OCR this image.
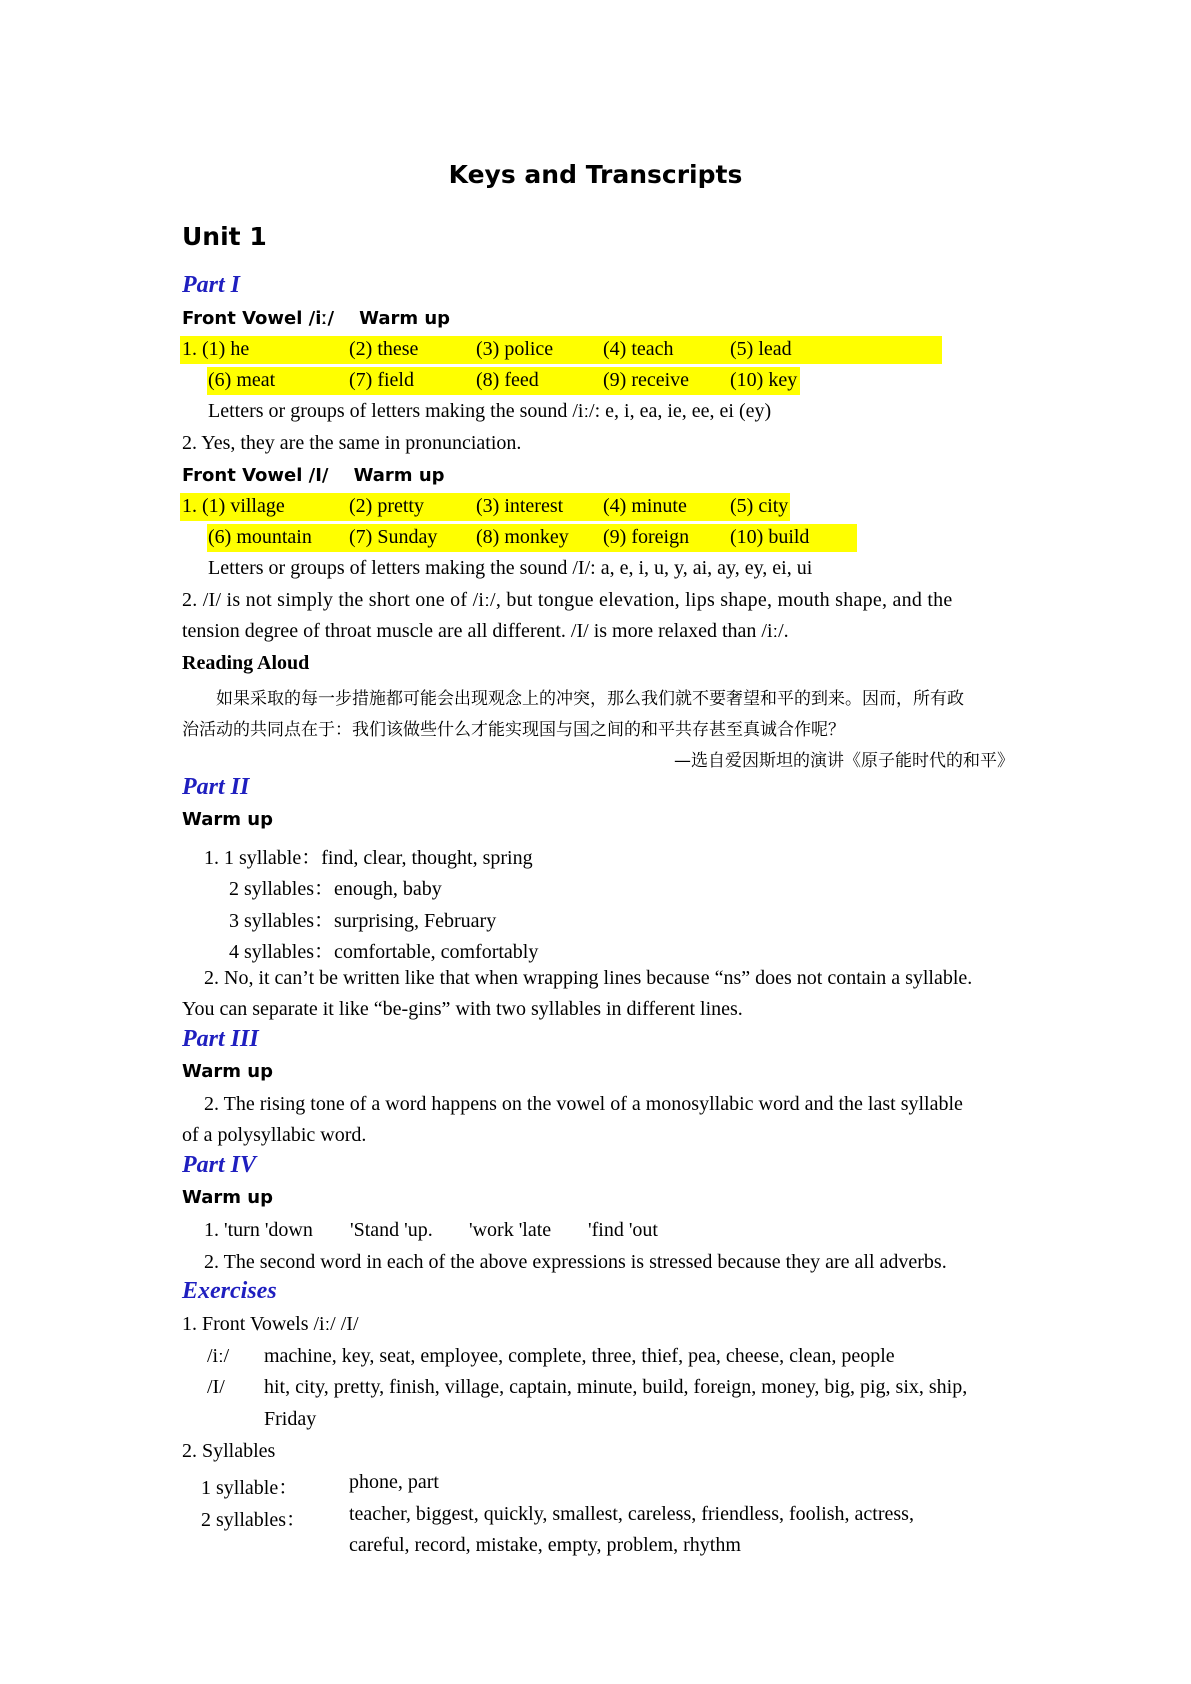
Keys and Transcripts
Unit 1
Part I
Front Vowel /iː/    Warm up
1. (1) he	(2) these	(3) police (4) teach	(5) lead
(6) meat	(7) field	(8) feed	(9) receive (10) key
Letters or groups of letters making the sound /iː/: e, i, ea, ie, ee, ei (ey)
2. Yes, they are the same in pronunciation.
Front Vowel /I/    Warm up
1. (1) village	(2) pretty	(3) interest (4) minute (5) city
(6) mountain (7) Sunday (8) monkey (9) foreign (10) build
Letters or groups of letters making the sound /I/: a, e, i, u, y, ai, ay, ey, ei, ui
2. /I/ is not simply the short one of /iː/, but tongue elevation, lips shape, mouth shape, and the
tension degree of throat muscle are all different. /I/ is more relaxed than /iː/.
Reading Aloud
如果采取的每一步措施都可能会出现观念上的冲突，那么我们就不要奢望和平的到来。因而，所有政
治活动的共同点在于：我们该做些什么才能实现国与国之间的和平共存甚至真诚合作呢？
—选自爱因斯坦的演讲《原子能时代的和平》
Part II
Warm up
1. 1 syllable：find, clear, thought, spring
2 syllables：enough, baby
3 syllables：surprising, February
4 syllables：comfortable, comfortably
2. No, it can’t be written like that when wrapping lines because “ns” does not contain a syllable.
You can separate it like “be-gins” with two syllables in different lines.
Part III
Warm up
2. The rising tone of a word happens on the vowel of a monosyllabic word and the last syllable
of a polysyllabic word.
Part IV
Warm up
1. 'turn 'down 'Stand 'up. 'work 'late 'find 'out
2. The second word in each of the above expressions is stressed because they are all adverbs.
Exercises
1. Front Vowels /iː/ /I/
/iː/ machine, key, seat, employee, complete, three, thief, pea, cheese, clean, people
/I/ hit, city, pretty, finish, village, captain, minute, build, foreign, money, big, pig, six, ship,
Friday
2. Syllables
1 syllable：	phone, part
2 syllables： teacher, biggest, quickly, smallest, careless, friendless, foolish, actress,
careful, record, mistake, empty, problem, rhythm
